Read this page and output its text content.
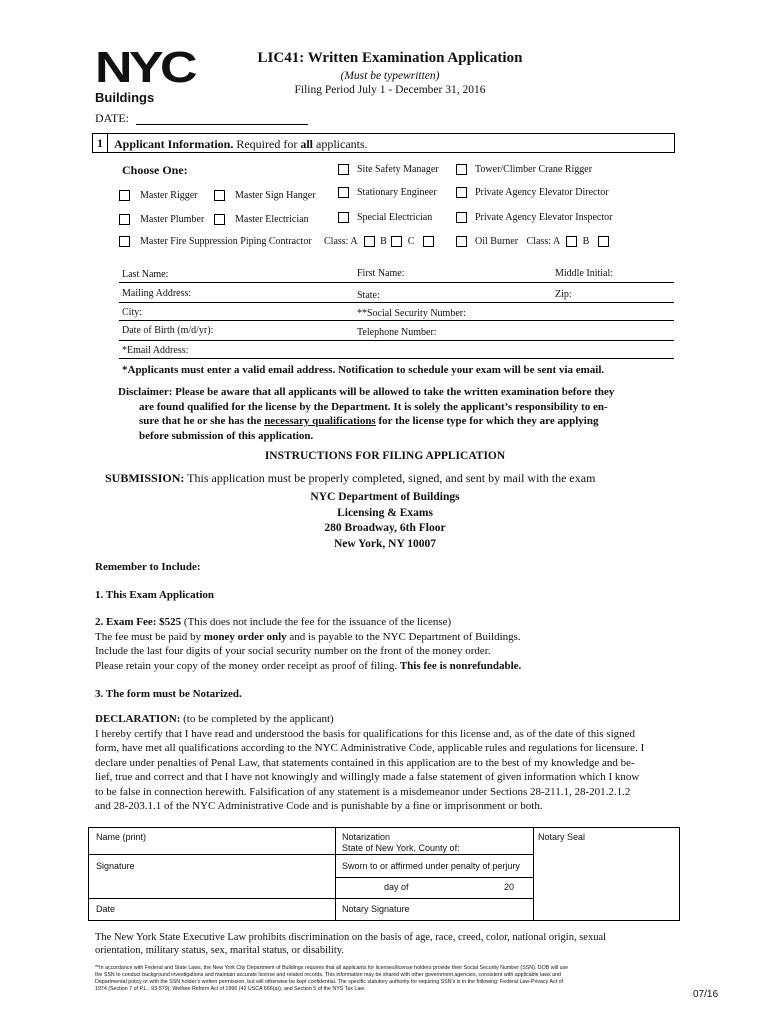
NYC
Buildings
LIC41: Written Examination Application
(Must be typewritten)
Filing Period July 1 - December 31, 2016
DATE:
1 Applicant Information. Required for all applicants.
Choose One:	Site Safety Manager	Tower/Climber Crane Rigger
Master Rigger	Master Sign Hanger	Stationary Engineer	Private Agency Elevator Director
Master Plumber	Master Electrician	Special Electrician	Private Agency Elevator Inspector
Master Fire Suppression Piping Contractor Class: A B C	Oil Burner Class: A B
Last Name:	First Name:	Middle Initial:
Mailing Address:	State:	Zip:
City:	**Social Security Number:
Date of Birth (m/d/yr):	Telephone Number:
*Email Address:
*Applicants must enter a valid email address. Notification to schedule your exam will be sent via email.
Disclaimer: Please be aware that all applicants will be allowed to take the written examination before they
are found qualified for the license by the Department. It is solely the applicant’s responsibility to en-
sure that he or she has the necessary qualifications for the license type for which they are applying
before submission of this application.
INSTRUCTIONS FOR FILING APPLICATION
SUBMISSION: This application must be properly completed, signed, and sent by mail with the exam
NYC Department of Buildings
Licensing & Exams
280 Broadway, 6th Floor
New York, NY 10007
Remember to Include:
1. This Exam Application
2. Exam Fee: $525 (This does not include the fee for the issuance of the license)
The fee must be paid by money order only and is payable to the NYC Department of Buildings.
Include the last four digits of your social security number on the front of the money order.
Please retain your copy of the money order receipt as proof of filing. This fee is nonrefundable.
3. The form must be Notarized.
DECLARATION: (to be completed by the applicant)
I hereby certify that I have read and understood the basis for qualifications for this license and, as of the date of this signed
form, have met all qualifications according to the NYC Administrative Code, applicable rules and regulations for licensure. I
declare under penalties of Penal Law, that statements contained in this application are to the best of my knowledge and be-
lief, true and correct and that I have not knowingly and willingly made a false statement of given information which I know
to be false in connection herewith. Falsification of any statement is a misdemeanor under Sections 28-211.1, 28-201.2.1.2
and 28-203.1.1 of the NYC Administrative Code and is punishable by a fine or imprisonment or both.
Name (print)	Notarization
State of New York, County of:
Notary Seal
Signature	Sworn to or affirmed under penalty of perjury
day of	20
Date	Notary Signature
The New York State Executive Law prohibits discrimination on the basis of age, race, creed, color, national origin, sexual
orientation, military status, sex, marital status, or disability.
**In accordance with Federal and State Laws, the New York City Department of Buildings requires that all applicants for licenses/license holders provide their Social Security Number (SSN). DOB will use
the SSN to conduct background investigations and maintain accurate license and related records. This information may be shared with other government agencies, consistent with applicable laws and
Departmental policy or with the SSN holder’s written permission, but will otherwise be kept confidential. The specific statutory authority for requiring SSN’s is in the following: Federal Law-Privacy Act of
1974 (Section 7 of P.L., 93-579); Welfare Reform Act of 1996 (42 USCA 666(a)), and Section 5 of the NYS Tax Law.	07/16
